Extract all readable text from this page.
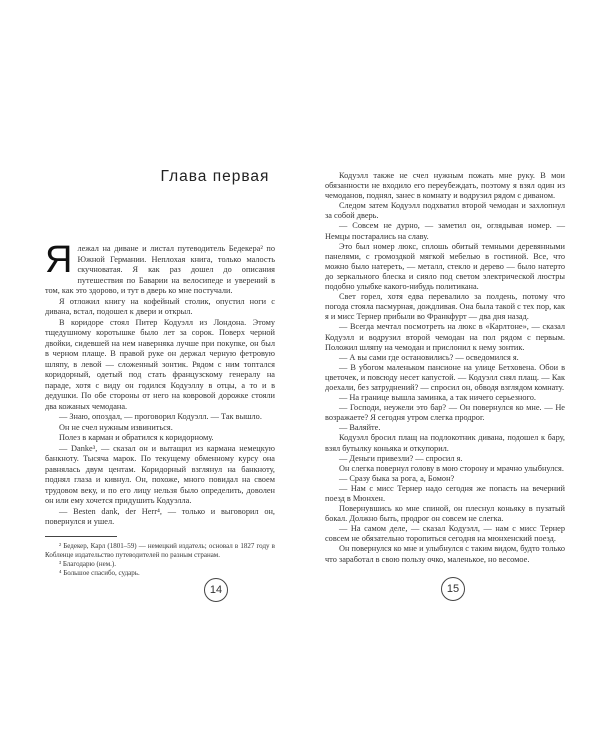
Глава первая

Ялежал на диване и листал путеводитель Бедекера² по Южной Германии. Неплохая книга, только малость скучноватая. Я как раз дошел до описания путешествия по Баварии на велосипеде и уверений в том, как это здорово, и тут в дверь ко мне постучали.

Я отложил книгу на кофейный столик, опустил ноги с дивана, встал, подошел к двери и открыл.

В коридоре стоял Питер Кодуэлл из Лондона. Этому тщедушному коротышке было лет за сорок. Поверх черной двойки, сидевшей на нем наверняка лучше при покупке, он был в черном плаще. В правой руке он держал черную фетровую шляпу, в левой — сложенный зонтик. Рядом с ним топтался коридорный, одетый под стать французскому генералу на параде, хотя с виду он годился Кодуэллу в отцы, а то и в дедушки. По обе стороны от него на ковровой дорожке стояли два кожаных чемодана.

— Знаю, опоздал, — проговорил Кодуэлл. — Так вышло.

Он не счел нужным извиниться.

Полез в карман и обратился к коридорному.

— Danke³, — сказал он и вытащил из кармана немецкую банкноту. Тысяча марок. По текущему обменному курсу она равнялась двум центам. Коридорный взглянул на банкноту, поднял глаза и кивнул. Он, похоже, много повидал на своем трудовом веку, и по его лицу нельзя было определить, доволен он или ему хочется придушить Кодуэлла.

— Besten dank, der Herr⁴, — только и выговорил он, повернулся и ушел.

² Бедекер, Карл (1801–59) — немецкий издатель; основал в 1827 году в Кобленце издательство путеводителей по разным странам.

³ Благодарю (нем.).

⁴ Большое спасибо, сударь.

14

Кодуэлл также не счел нужным пожать мне руку. В мои обязанности не входило его переубеждать, поэтому я взял один из чемоданов, поднял, занес в комнату и водрузил рядом с диваном.

Следом затем Кодуэлл подхватил второй чемодан и захлопнул за собой дверь.

— Совсем не дурно, — заметил он, оглядывая номер. — Немцы постарались на славу.

Это был номер люкс, сплошь обитый темными деревянными панелями, с громоздкой мягкой мебелью в гостиной. Все, что можно было натереть, — металл, стекло и дерево — было натерто до зеркального блеска и сияло под светом электрической люстры подобно улыбке какого-нибудь политикана.

Свет горел, хотя едва перевалило за полдень, потому что погода стояла пасмурная, дождливая. Она была такой с тех пор, как я и мисс Тернер прибыли во Франкфурт — два дня назад.

— Всегда мечтал посмотреть на люкс в «Карлтоне», — сказал Кодуэлл и водрузил второй чемодан на пол рядом с первым. Положил шляпу на чемодан и прислонил к нему зонтик.

— А вы сами где остановились? — осведомился я.

— В убогом маленьком пансионе на улице Бетховена. Обои в цветочек, и повсюду несет капустой. — Кодуэлл снял плащ. — Как доехали, без затруднений? — спросил он, обводя взглядом комнату.

— На границе вышла заминка, а так ничего серьезного.

— Господи, неужели это бар? — Он повернулся ко мне. — Не возражаете? Я сегодня утром слегка продрог.

— Валяйте.

Кодуэлл бросил плащ на подлокотник дивана, подошел к бару, взял бутылку коньяка и откупорил.

— Деньги привезли? — спросил я.

Он слегка повернул голову в мою сторону и мрачно улыбнулся.

— Сразу быка за рога, а, Бомон?

— Нам с мисс Тернер надо сегодня же попасть на вечерний поезд в Мюнхен.

Повернувшись ко мне спиной, он плеснул коньяку в пузатый бокал. Должно быть, продрог он совсем не слегка.

— На самом деле, — сказал Кодуэлл, — нам с мисс Тернер совсем не обязательно торопиться сегодня на мюнхенский поезд.

Он повернулся ко мне и улыбнулся с таким видом, будто только что заработал в свою пользу очко, маленькое, но весомое.

15
